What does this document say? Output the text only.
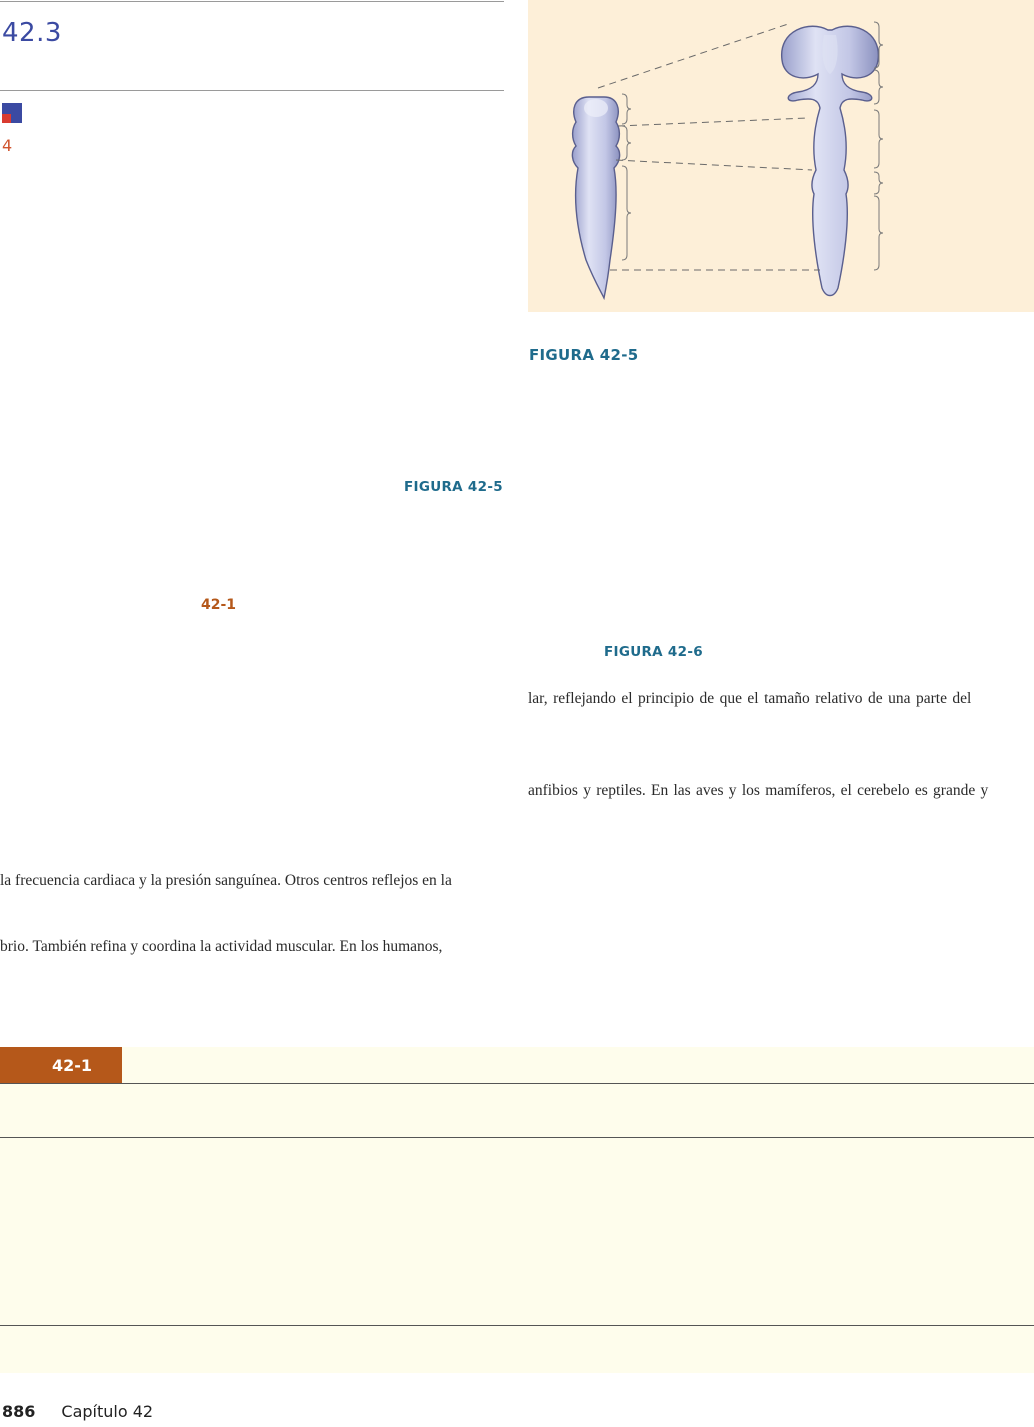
42.3
4
FIGURA 42-5
42-1
la frecuencia cardiaca y la presión sanguínea. Otros centros reflejos en la
brio. También refina y coordina la actividad muscular. En los humanos,
FIGURA 42-5
FIGURA 42-6
lar, reflejando el principio de que el tamaño relativo de una parte del
anfibios y reptiles. En las aves y los mamíferos, el cerebelo es grande y
42-1
886 Capítulo 42
